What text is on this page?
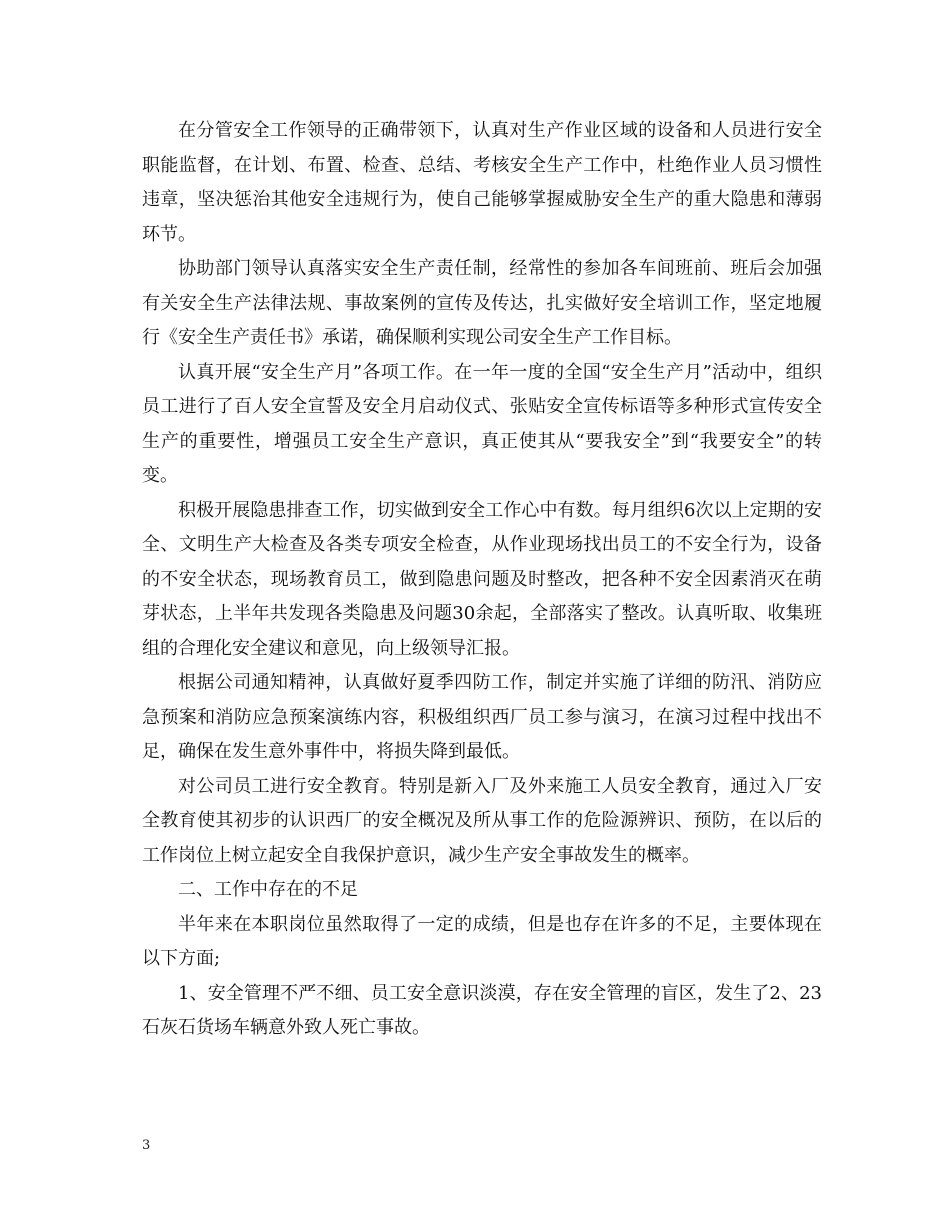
在分管安全工作领导的正确带领下，认真对生产作业区域的设备和人员进行安全职能监督，在计划、布置、检查、总结、考核安全生产工作中，杜绝作业人员习惯性违章，坚决惩治其他安全违规行为，使自己能够掌握威胁安全生产的重大隐患和薄弱环节。

协助部门领导认真落实安全生产责任制，经常性的参加各车间班前、班后会加强有关安全生产法律法规、事故案例的宣传及传达，扎实做好安全培训工作，坚定地履行《安全生产责任书》承诺，确保顺利实现公司安全生产工作目标。

认真开展“安全生产月”各项工作。在一年一度的全国“安全生产月”活动中，组织员工进行了百人安全宣誓及安全月启动仪式、张贴安全宣传标语等多种形式宣传安全生产的重要性，增强员工安全生产意识，真正使其从“要我安全”到“我要安全”的转变。

积极开展隐患排查工作，切实做到安全工作心中有数。每月组织6次以上定期的安全、文明生产大检查及各类专项安全检查，从作业现场找出员工的不安全行为，设备的不安全状态，现场教育员工，做到隐患问题及时整改，把各种不安全因素消灭在萌芽状态，上半年共发现各类隐患及问题30余起，全部落实了整改。认真听取、收集班组的合理化安全建议和意见，向上级领导汇报。

根据公司通知精神，认真做好夏季四防工作，制定并实施了详细的防汛、消防应急预案和消防应急预案演练内容，积极组织西厂员工参与演习，在演习过程中找出不足，确保在发生意外事件中，将损失降到最低。

对公司员工进行安全教育。特别是新入厂及外来施工人员安全教育，通过入厂安全教育使其初步的认识西厂的安全概况及所从事工作的危险源辨识、预防，在以后的工作岗位上树立起安全自我保护意识，减少生产安全事故发生的概率。

二、工作中存在的不足

半年来在本职岗位虽然取得了一定的成绩，但是也存在许多的不足，主要体现在以下方面;

1、安全管理不严不细、员工安全意识淡漠，存在安全管理的盲区，发生了2、23石灰石货场车辆意外致人死亡事故。

3
